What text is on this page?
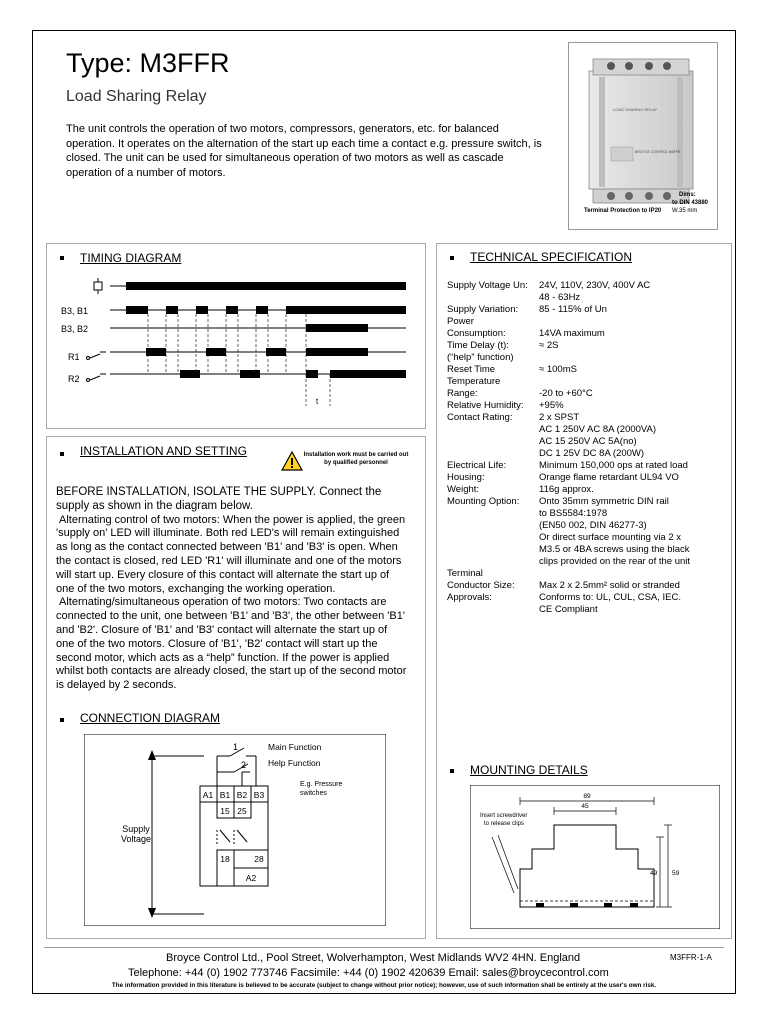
Type: M3FFR
Load Sharing Relay
The unit controls the operation of two motors, compressors, generators, etc. for balanced operation. It operates on the alternation of the start up each time a contact e.g. pressure switch, is closed. The unit can be used for simultaneous operation of two motors as well as cascade operation of a number of motors.
LOAD SHARING RELAY
BROYCE CONTROL M3FFR
Dims:
to DIN 43880
Terminal Protection to IP20 W.35 mm
TIMING DIAGRAM
B3, B1
B3, B2
R1
R2
t
INSTALLATION AND SETTING	Installation work must be carried out by qualified personnel

BEFORE INSTALLATION, ISOLATE THE SUPPLY. Connect the supply as shown in the diagram below.

Alternating control of two motors: When the power is applied, the green 'supply on' LED will illuminate. Both red LED's will remain extinguished as long as the contact connected between 'B1' and 'B3' is open. When the contact is closed, red LED 'R1' will illuminate and one of the motors will start up. Every closure of this contact will alternate the start up of one of the two motors, exchanging the working operation.

Alternating/simultaneous operation of two motors: Two contacts are connected to the unit, one between 'B1' and 'B3', the other between 'B1' and 'B2'. Closure of 'B1' and 'B3' contact will alternate the start up of one of the two motors. Closure of 'B1', 'B2' contact will start up the second motor, which acts as a “help” function. If the power is applied whilst both contacts are already closed, the start up of the second motor is delayed by 2 seconds.

CONNECTION DIAGRAM
Supply
Voltage
1
2
Main Function
Help Function
E.g. Pressure
switches
A1 B1 B2 B3
15 25
18	28
A2
TECHNICAL SPECIFICATION
Supply Voltage Un:	24V, 110V, 230V, 400V AC
48 - 63Hz
Supply Variation:	85 - 115% of Un
Power
Consumption:	14VA maximum
Time Delay (t):	≈ 2S
(“help” function)
Reset Time	≈ 100mS
Temperature
Range:	-20 to +60°C
Relative Humidity:	+95%
Contact Rating:	2 x SPST
AC 1 250V AC 8A (2000VA)
AC 15 250V AC 5A(no)
DC 1 25V DC 8A (200W)
Electrical Life:	Minimum 150,000 ops at rated load
Housing:	Orange flame retardant UL94 VO
Weight:	116g approx.
Mounting Option:	Onto 35mm symmetric DIN rail
to BS5584:1978
(EN50 002, DIN 46277-3)
Or direct surface mounting via 2 x
M3.5 or 4BA screws using the black
clips provided on the rear of the unit
Terminal
Conductor Size:	Max 2 x 2.5mm² solid or stranded
Approvals:	Conforms to: UL, CUL, CSA, IEC.
CE Compliant
MOUNTING DETAILS
89
45
49 59
Insert screwdriver
to release clips
Broyce Control Ltd., Pool Street, Wolverhampton, West Midlands WV2 4HN. England	M3FFR-1-A
Telephone: +44 (0) 1902 773746 Facsimile: +44 (0) 1902 420639 Email: sales@broycecontrol.com
The information provided in this literature is believed to be accurate (subject to change without prior notice); however, use of such information shall be entirely at the user's own risk.
